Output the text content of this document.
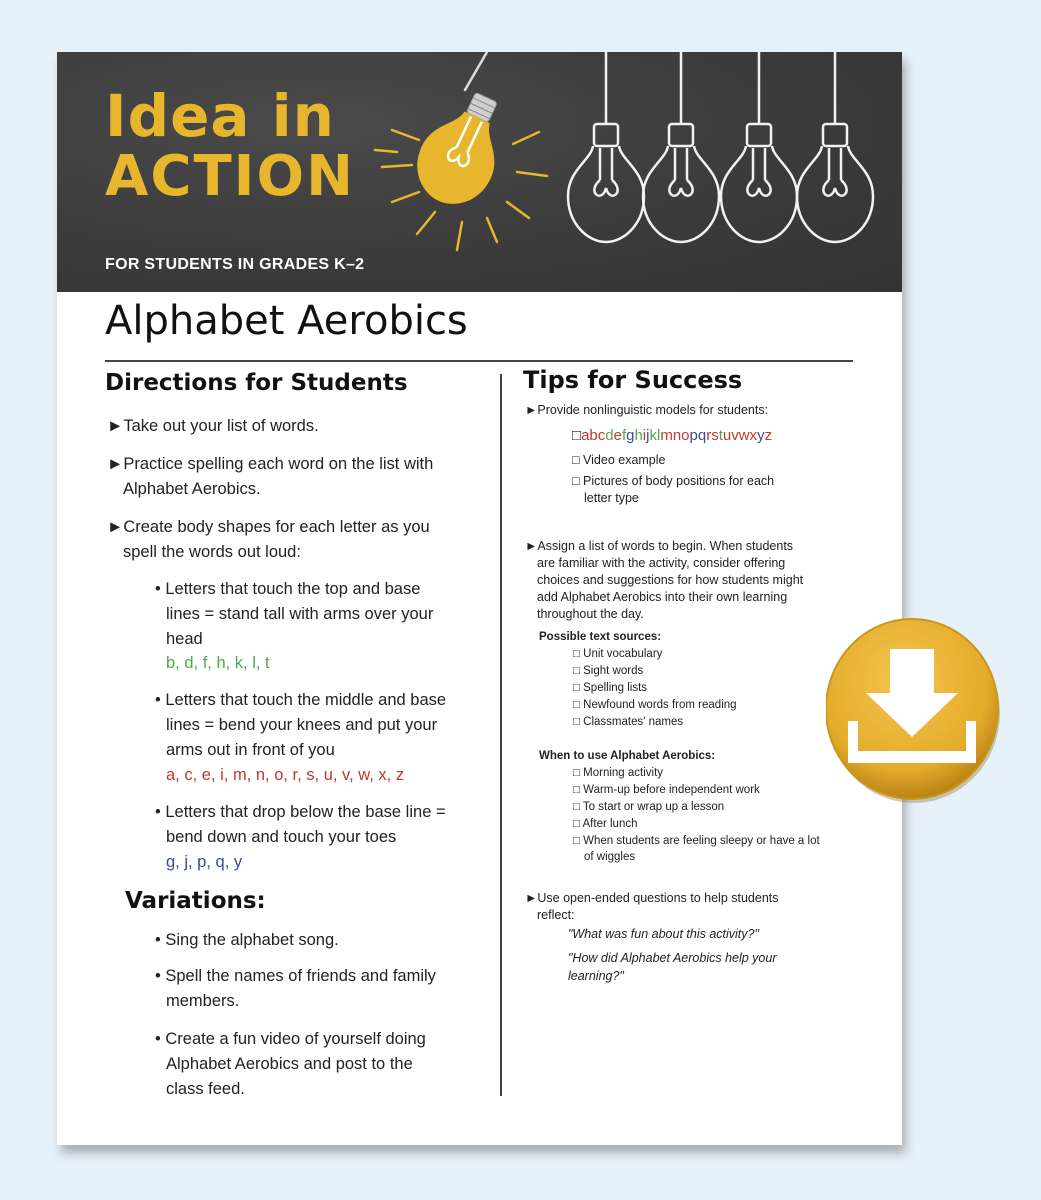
Idea in
ACTION
FOR STUDENTS IN GRADES K–2
Alphabet Aerobics
Directions for Students
►Take out your list of words.
►Practice spelling each word on the list with
Alphabet Aerobics.
►Create body shapes for each letter as you
spell the words out loud:
• Letters that touch the top and base
lines = stand tall with arms over your
head
b, d, f, h, k, l, t
• Letters that touch the middle and base
lines = bend your knees and put your
arms out in front of you
a, c, e, i, m, n, o, r, s, u, v, w, x, z
• Letters that drop below the base line =
bend down and touch your toes
g, j, p, q, y
Variations:
• Sing the alphabet song.
• Spell the names of friends and family
members.
• Create a fun video of yourself doing
Alphabet Aerobics and post to the
class feed.
Tips for Success
►Provide nonlinguistic models for students:
□abcdefghijklmnopqrstuvwxyz
□ Video example
□ Pictures of body positions for each
letter type
►Assign a list of words to begin. When students
are familiar with the activity, consider offering
choices and suggestions for how students might
add Alphabet Aerobics into their own learning
throughout the day.
Possible text sources:
□ Unit vocabulary
□ Sight words
□ Spelling lists
□ Newfound words from reading
□ Classmates' names
When to use Alphabet Aerobics:
□ Morning activity
□ Warm-up before independent work
□ To start or wrap up a lesson
□ After lunch
□ When students are feeling sleepy or have a lot
of wiggles
►Use open-ended questions to help students
reflect:
"What was fun about this activity?"
"How did Alphabet Aerobics help your
learning?"
